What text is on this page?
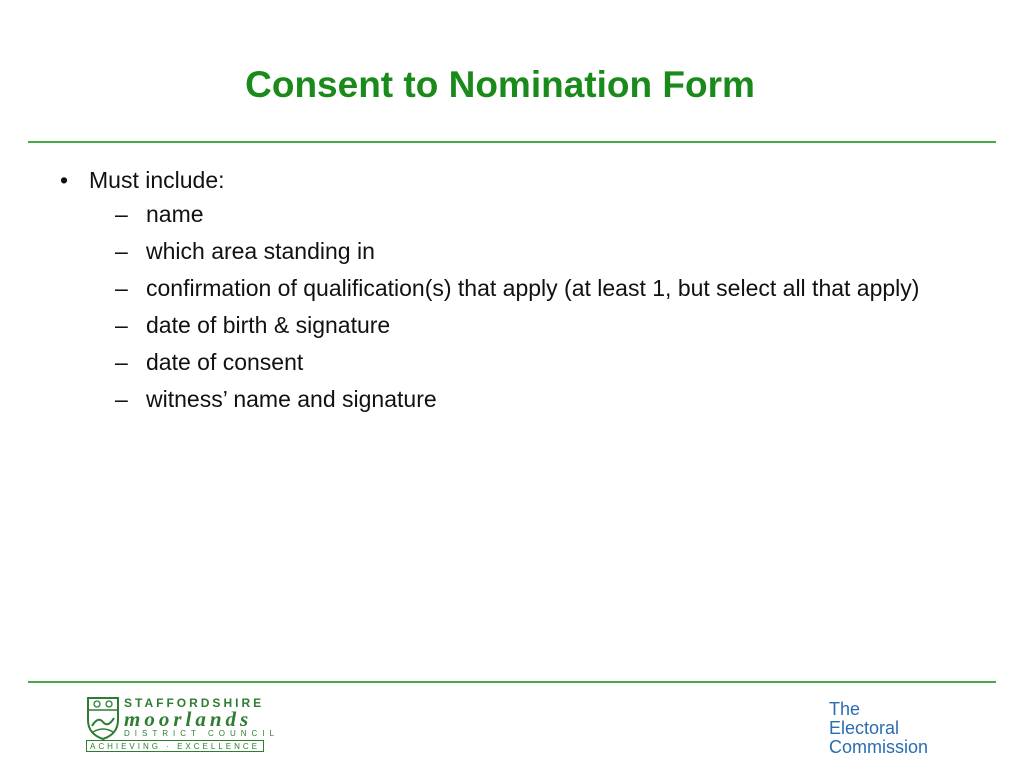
Consent to Nomination Form
• Must include:
– name
– which area standing in
– confirmation of qualification(s) that apply (at least 1, but select all that apply)
– date of birth & signature
– date of consent
– witness’ name and signature
STAFFORDSHIRE
moorlands
DISTRICT COUNCIL
ACHIEVING · EXCELLENCE
The
Electoral
Commission
